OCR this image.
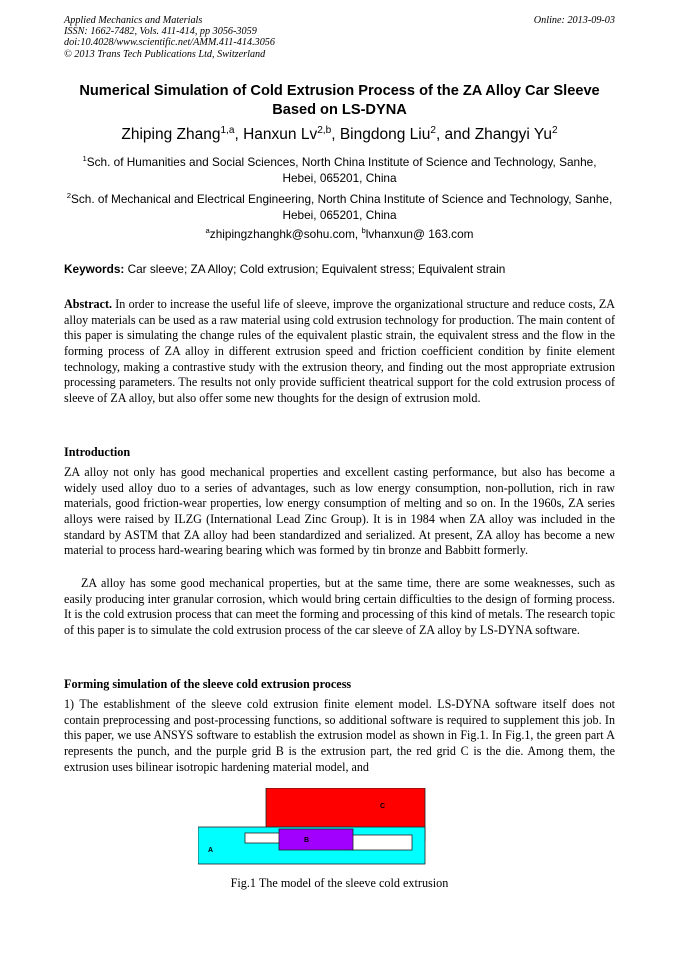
Applied Mechanics and Materials
ISSN: 1662-7482, Vols. 411-414, pp 3056-3059
doi:10.4028/www.scientific.net/AMM.411-414.3056
© 2013 Trans Tech Publications Ltd, Switzerland
Online: 2013-09-03
Numerical Simulation of Cold Extrusion Process of the ZA Alloy Car Sleeve Based on LS-DYNA
Zhiping Zhang$^{1,a}$, Hanxun Lv$^{2,b}$, Bingdong Liu$^2$, and Zhangyi Yu$^2$
$^1$Sch. of Humanities and Social Sciences, North China Institute of Science and Technology, Sanhe, Hebei, 065201, China
$^2$Sch. of Mechanical and Electrical Engineering, North China Institute of Science and Technology, Sanhe, Hebei, 065201, China
$^a$zhipingzhanghk@sohu.com, $^b$lvhanxun@ 163.com
Keywords: Car sleeve; ZA Alloy; Cold extrusion; Equivalent stress; Equivalent strain

Abstract. In order to increase the useful life of sleeve, improve the organizational structure and reduce costs, ZA alloy materials can be used as a raw material using cold extrusion technology for production. The main content of this paper is simulating the change rules of the equivalent plastic strain, the equivalent stress and the flow in the forming process of ZA alloy in different extrusion speed and friction coefficient condition by finite element technology, making a contrastive study with the extrusion theory, and finding out the most appropriate extrusion processing parameters. The results not only provide sufficient theatrical support for the cold extrusion process of sleeve of ZA alloy, but also offer some new thoughts for the design of extrusion mold.

Introduction

ZA alloy not only has good mechanical properties and excellent casting performance, but also has become a widely used alloy duo to a series of advantages, such as low energy consumption, non-pollution, rich in raw materials, good friction-wear properties, low energy consumption of melting and so on. In the 1960s, ZA series alloys were raised by ILZG (International Lead Zinc Group). It is in 1984 when ZA alloy was included in the standard by ASTM that ZA alloy had been standardized and serialized. At present, ZA alloy has become a new material to process hard-wearing bearing which was formed by tin bronze and Babbitt formerly.

ZA alloy has some good mechanical properties, but at the same time, there are some weaknesses, such as easily producing inter granular corrosion, which would bring certain difficulties to the design of forming process. It is the cold extrusion process that can meet the forming and processing of this kind of metals. The research topic of this paper is to simulate the cold extrusion process of the car sleeve of ZA alloy by LS-DYNA software.

Forming simulation of the sleeve cold extrusion process

1) The establishment of the sleeve cold extrusion finite element model. LS-DYNA software itself does not contain preprocessing and post-processing functions, so additional software is required to supplement this job. In this paper, we use ANSYS software to establish the extrusion model as shown in Fig.1. In Fig.1, the green part A represents the punch, and the purple grid B is the extrusion part, the red grid C is the die. Among them, the extrusion uses bilinear isotropic hardening material model, and

C
B
A
Fig.1 The model of the sleeve cold extrusion
